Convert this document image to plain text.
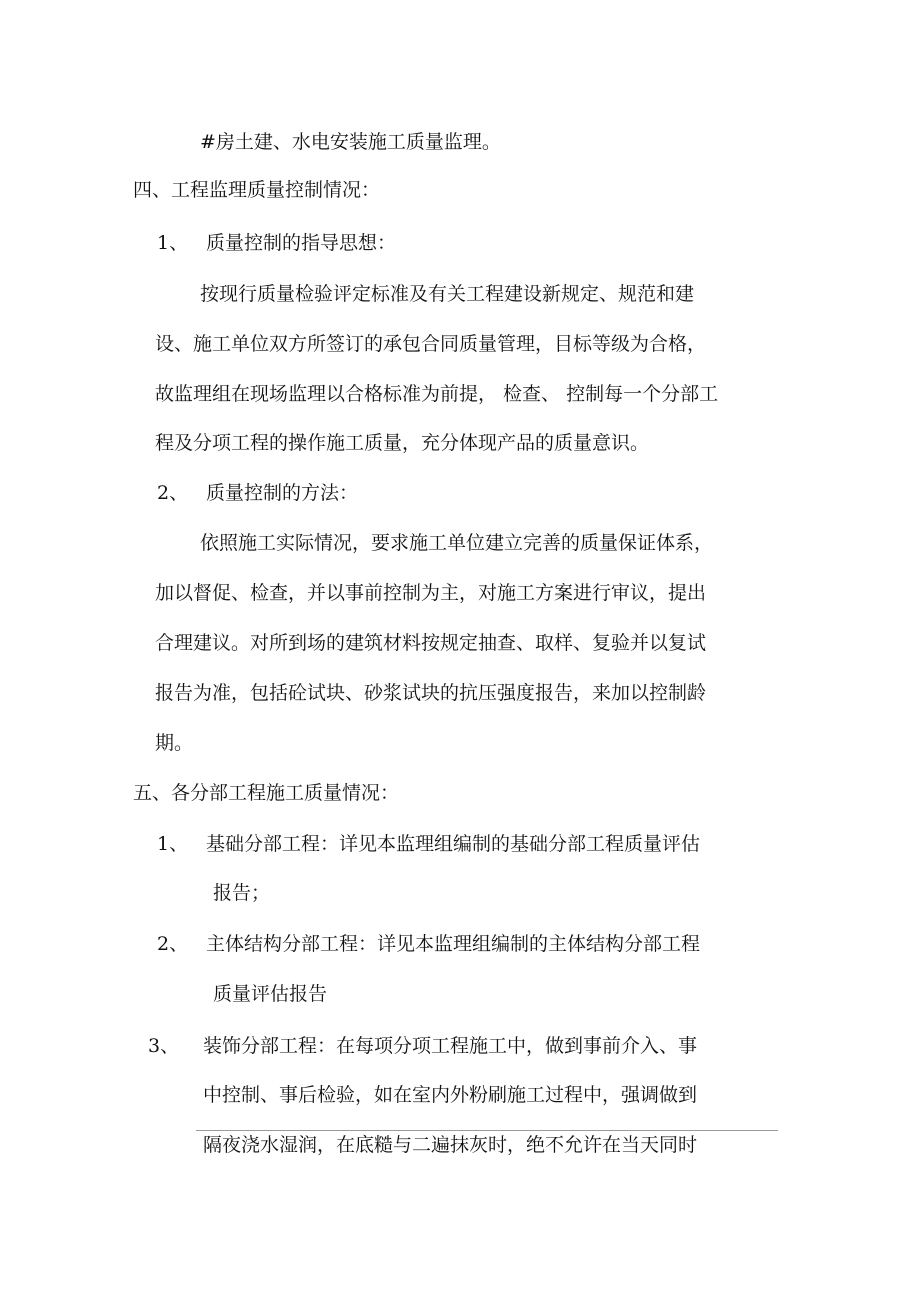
#房土建、水电安装施工质量监理。

四、工程监理质量控制情况：

1、 质量控制的指导思想：

按现行质量检验评定标准及有关工程建设新规定、规范和建

设、施工单位双方所签订的承包合同质量管理，目标等级为合格，

故监理组在现场监理以合格标准为前提， 检查、 控制每一个分部工

程及分项工程的操作施工质量，充分体现产品的质量意识。

2、 质量控制的方法：

依照施工实际情况，要求施工单位建立完善的质量保证体系，

加以督促、检查，并以事前控制为主，对施工方案进行审议，提出

合理建议。对所到场的建筑材料按规定抽查、取样、复验并以复试

报告为准，包括砼试块、砂浆试块的抗压强度报告，来加以控制龄

期。

五、各分部工程施工质量情况：

1、 基础分部工程：详见本监理组编制的基础分部工程质量评估

报告；

2、 主体结构分部工程：详见本监理组编制的主体结构分部工程

质量评估报告

3、 装饰分部工程：在每项分项工程施工中，做到事前介入、事

中控制、事后检验，如在室内外粉刷施工过程中，强调做到

隔夜浇水湿润，在底糙与二遍抹灰时，绝不允许在当天同时
